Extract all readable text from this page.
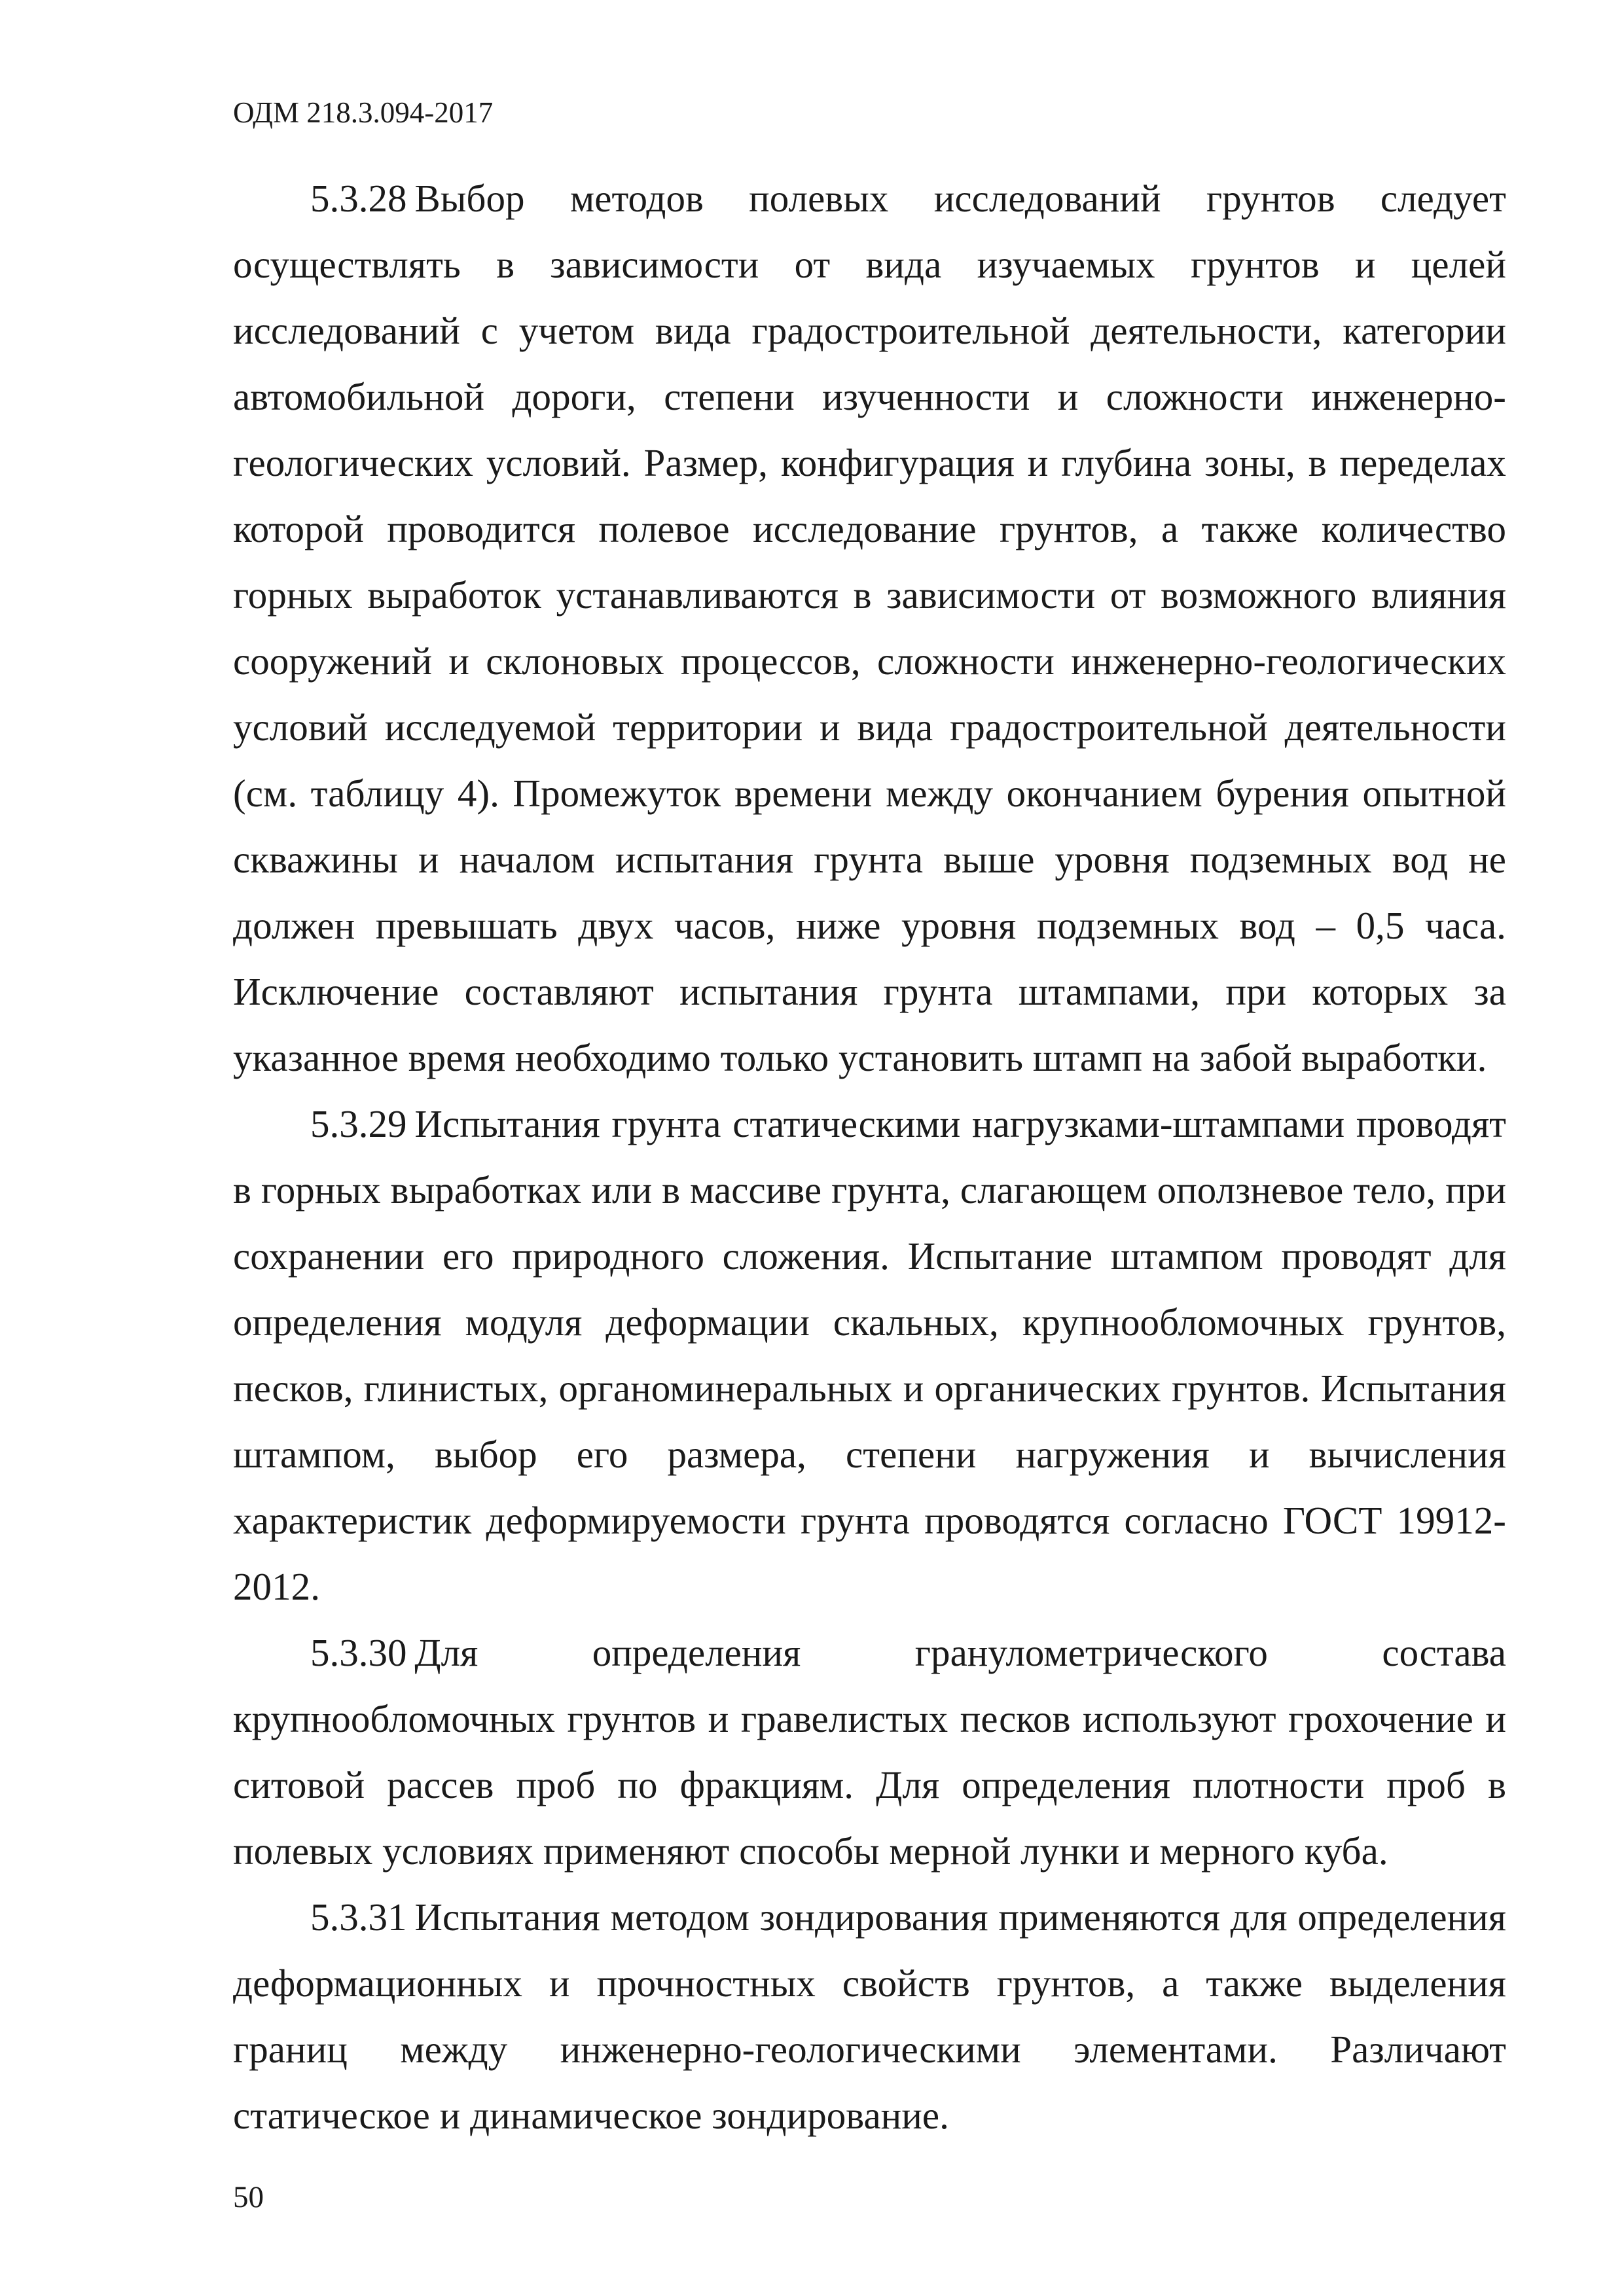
ОДМ 218.3.094-2017

5.3.28  Выбор методов полевых исследований грунтов следует осуществлять в зависимости от вида изучаемых грунтов и целей исследований с учетом вида градостроительной деятельности, категории автомобильной дороги, степени изученности и сложности инженерно-геологических условий. Размер, конфигурация и глубина зоны, в переделах которой проводится полевое исследование грунтов, а также количество горных выработок устанавливаются в зависимости от возможного влияния сооружений и склоновых процессов, сложности инженерно-геологических условий исследуемой территории и вида градостроительной деятельности (см. таблицу 4). Промежуток времени между окончанием бурения опытной скважины и началом испытания грунта выше уровня подземных вод не должен превышать двух часов, ниже уровня подземных вод – 0,5 часа. Исключение составляют испытания грунта штампами, при которых за указанное время необходимо только установить штамп на забой выработки.

5.3.29  Испытания грунта статическими нагрузками-штампами проводят в горных выработках или в массиве грунта, слагающем оползневое тело, при сохранении его природного сложения. Испытание штампом проводят для определения модуля деформации скальных, крупнообломочных грунтов, песков, глинистых, органоминеральных и органических грунтов. Испытания штампом, выбор его размера, степени нагружения и вычисления характеристик деформируемости грунта проводятся согласно ГОСТ 19912-2012.

5.3.30  Для определения гранулометрического состава крупнообломочных грунтов и гравелистых песков используют грохочение и ситовой рассев проб по фракциям. Для определения плотности проб в полевых условиях применяют способы мерной лунки и мерного куба.

5.3.31  Испытания методом зондирования применяются для определения деформационных и прочностных свойств грунтов, а также выделения границ между инженерно-геологическими элементами. Различают статическое и динамическое зондирование.

50
